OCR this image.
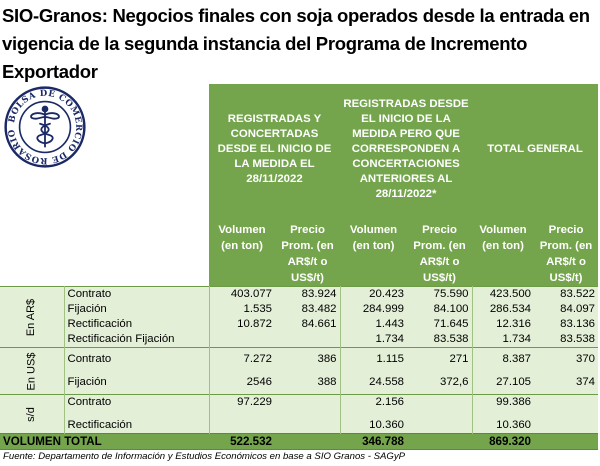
SIO-Granos: Negocios finales con soja operados desde la entrada en vigencia de la segunda instancia del Programa de Incremento Exportador
		REGISTRADAS Y CONCERTADAS DESDE EL INICIO DE LA MEDIDA EL 28/11/2022		REGISTRADAS DESDE EL INICIO DE LA MEDIDA PERO QUE CORRESPONDEN A CONCERTACIONES ANTERIORES AL 28/11/2022*		TOTAL GENERAL	
		Volumen (en ton)	Precio Prom. (en AR$/t o US$/t)	Volumen (en ton)	Precio Prom. (en AR$/t o US$/t)	Volumen (en ton)	Precio Prom. (en AR$/t o US$/t)
En AR$	Contrato	403.077	83.924	20.423	75.590	423.500	83.522
	Fijación	1.535	83.482	284.999	84.100	286.534	84.097
	Rectificación	10.872	84.661	1.443	71.645	12.316	83.136
	Rectificación Fijación			1.734	83.538	1.734	83.538
En US$	Contrato	7.272	386	1.115	271	8.387	370
	Fijación	2546	388	24.558	372,6	27.105	374
s/d	Contrato	97.229		2.156		99.386	
	Rectificación			10.360		10.360	
VOLUMEN TOTAL		522.532		346.788		869.320	
BOLSA DE COMERCIO DE ROSARIO
Fuente: Departamento de Información y Estudios Económicos en base a SIO Granos - SAGyP
